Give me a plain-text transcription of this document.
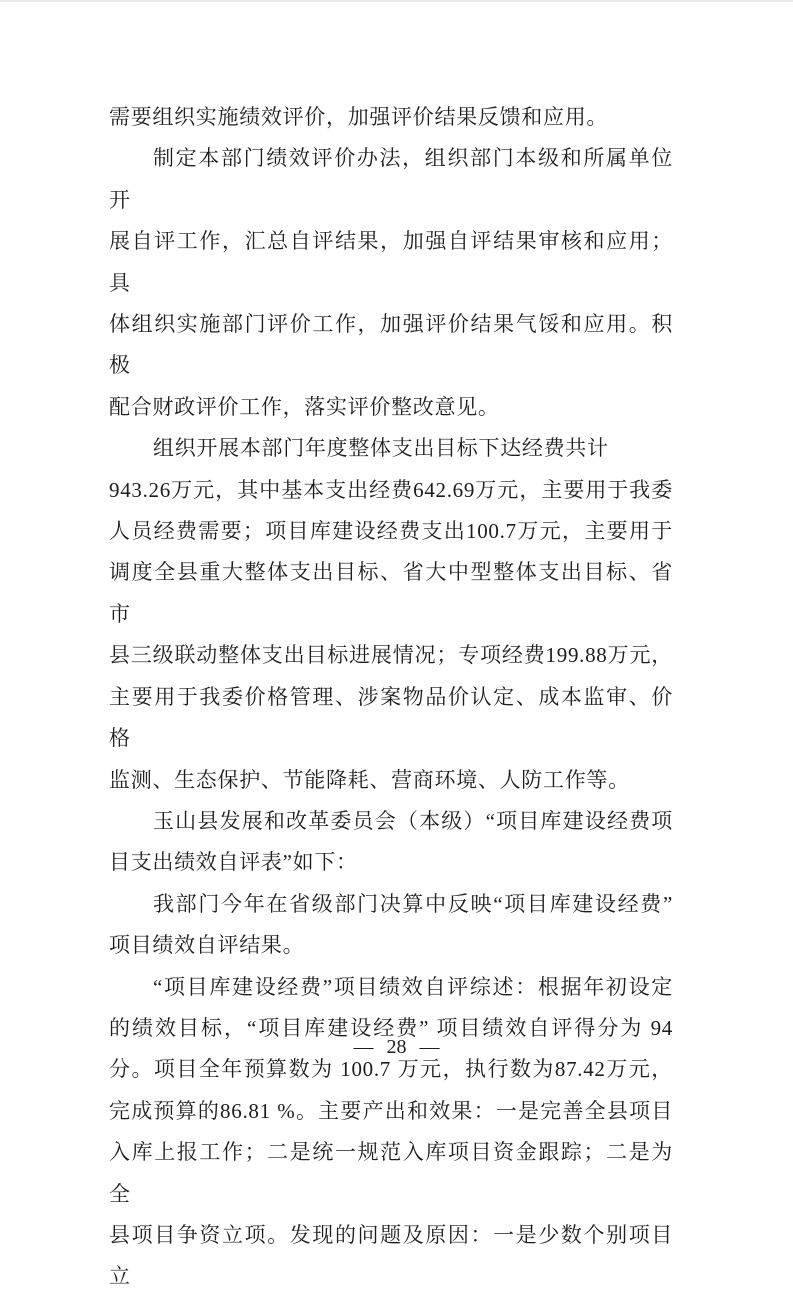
需要组织实施绩效评价，加强评价结果反馈和应用。
制定本部门绩效评价办法，组织部门本级和所属单位开
展自评工作，汇总自评结果，加强自评结果审核和应用；具
体组织实施部门评价工作，加强评价结果气馁和应用。积极
配合财政评价工作，落实评价整改意见。
组织开展本部门年度整体支出目标下达经费共计
943.26万元，其中基本支出经费642.69万元，主要用于我委
人员经费需要；项目库建设经费支出100.7万元，主要用于
调度全县重大整体支出目标、省大中型整体支出目标、省市
县三级联动整体支出目标进展情况；专项经费199.88万元，
主要用于我委价格管理、涉案物品价认定、成本监审、价格
监测、生态保护、节能降耗、营商环境、人防工作等。
玉山县发展和改革委员会（本级）“项目库建设经费项
目支出绩效自评表”如下：
我部门今年在省级部门决算中反映“项目库建设经费”
项目绩效自评结果。
“项目库建设经费”项目绩效自评综述：根据年初设定
的绩效目标，“项目库建设经费” 项目绩效自评得分为 94
分。项目全年预算数为 100.7 万元，执行数为87.42万元，
完成预算的86.81 %。主要产出和效果：一是完善全县项目
入库上报工作；二是统一规范入库项目资金跟踪；二是为全
县项目争资立项。发现的问题及原因：一是少数个别项目立
— 28 —
